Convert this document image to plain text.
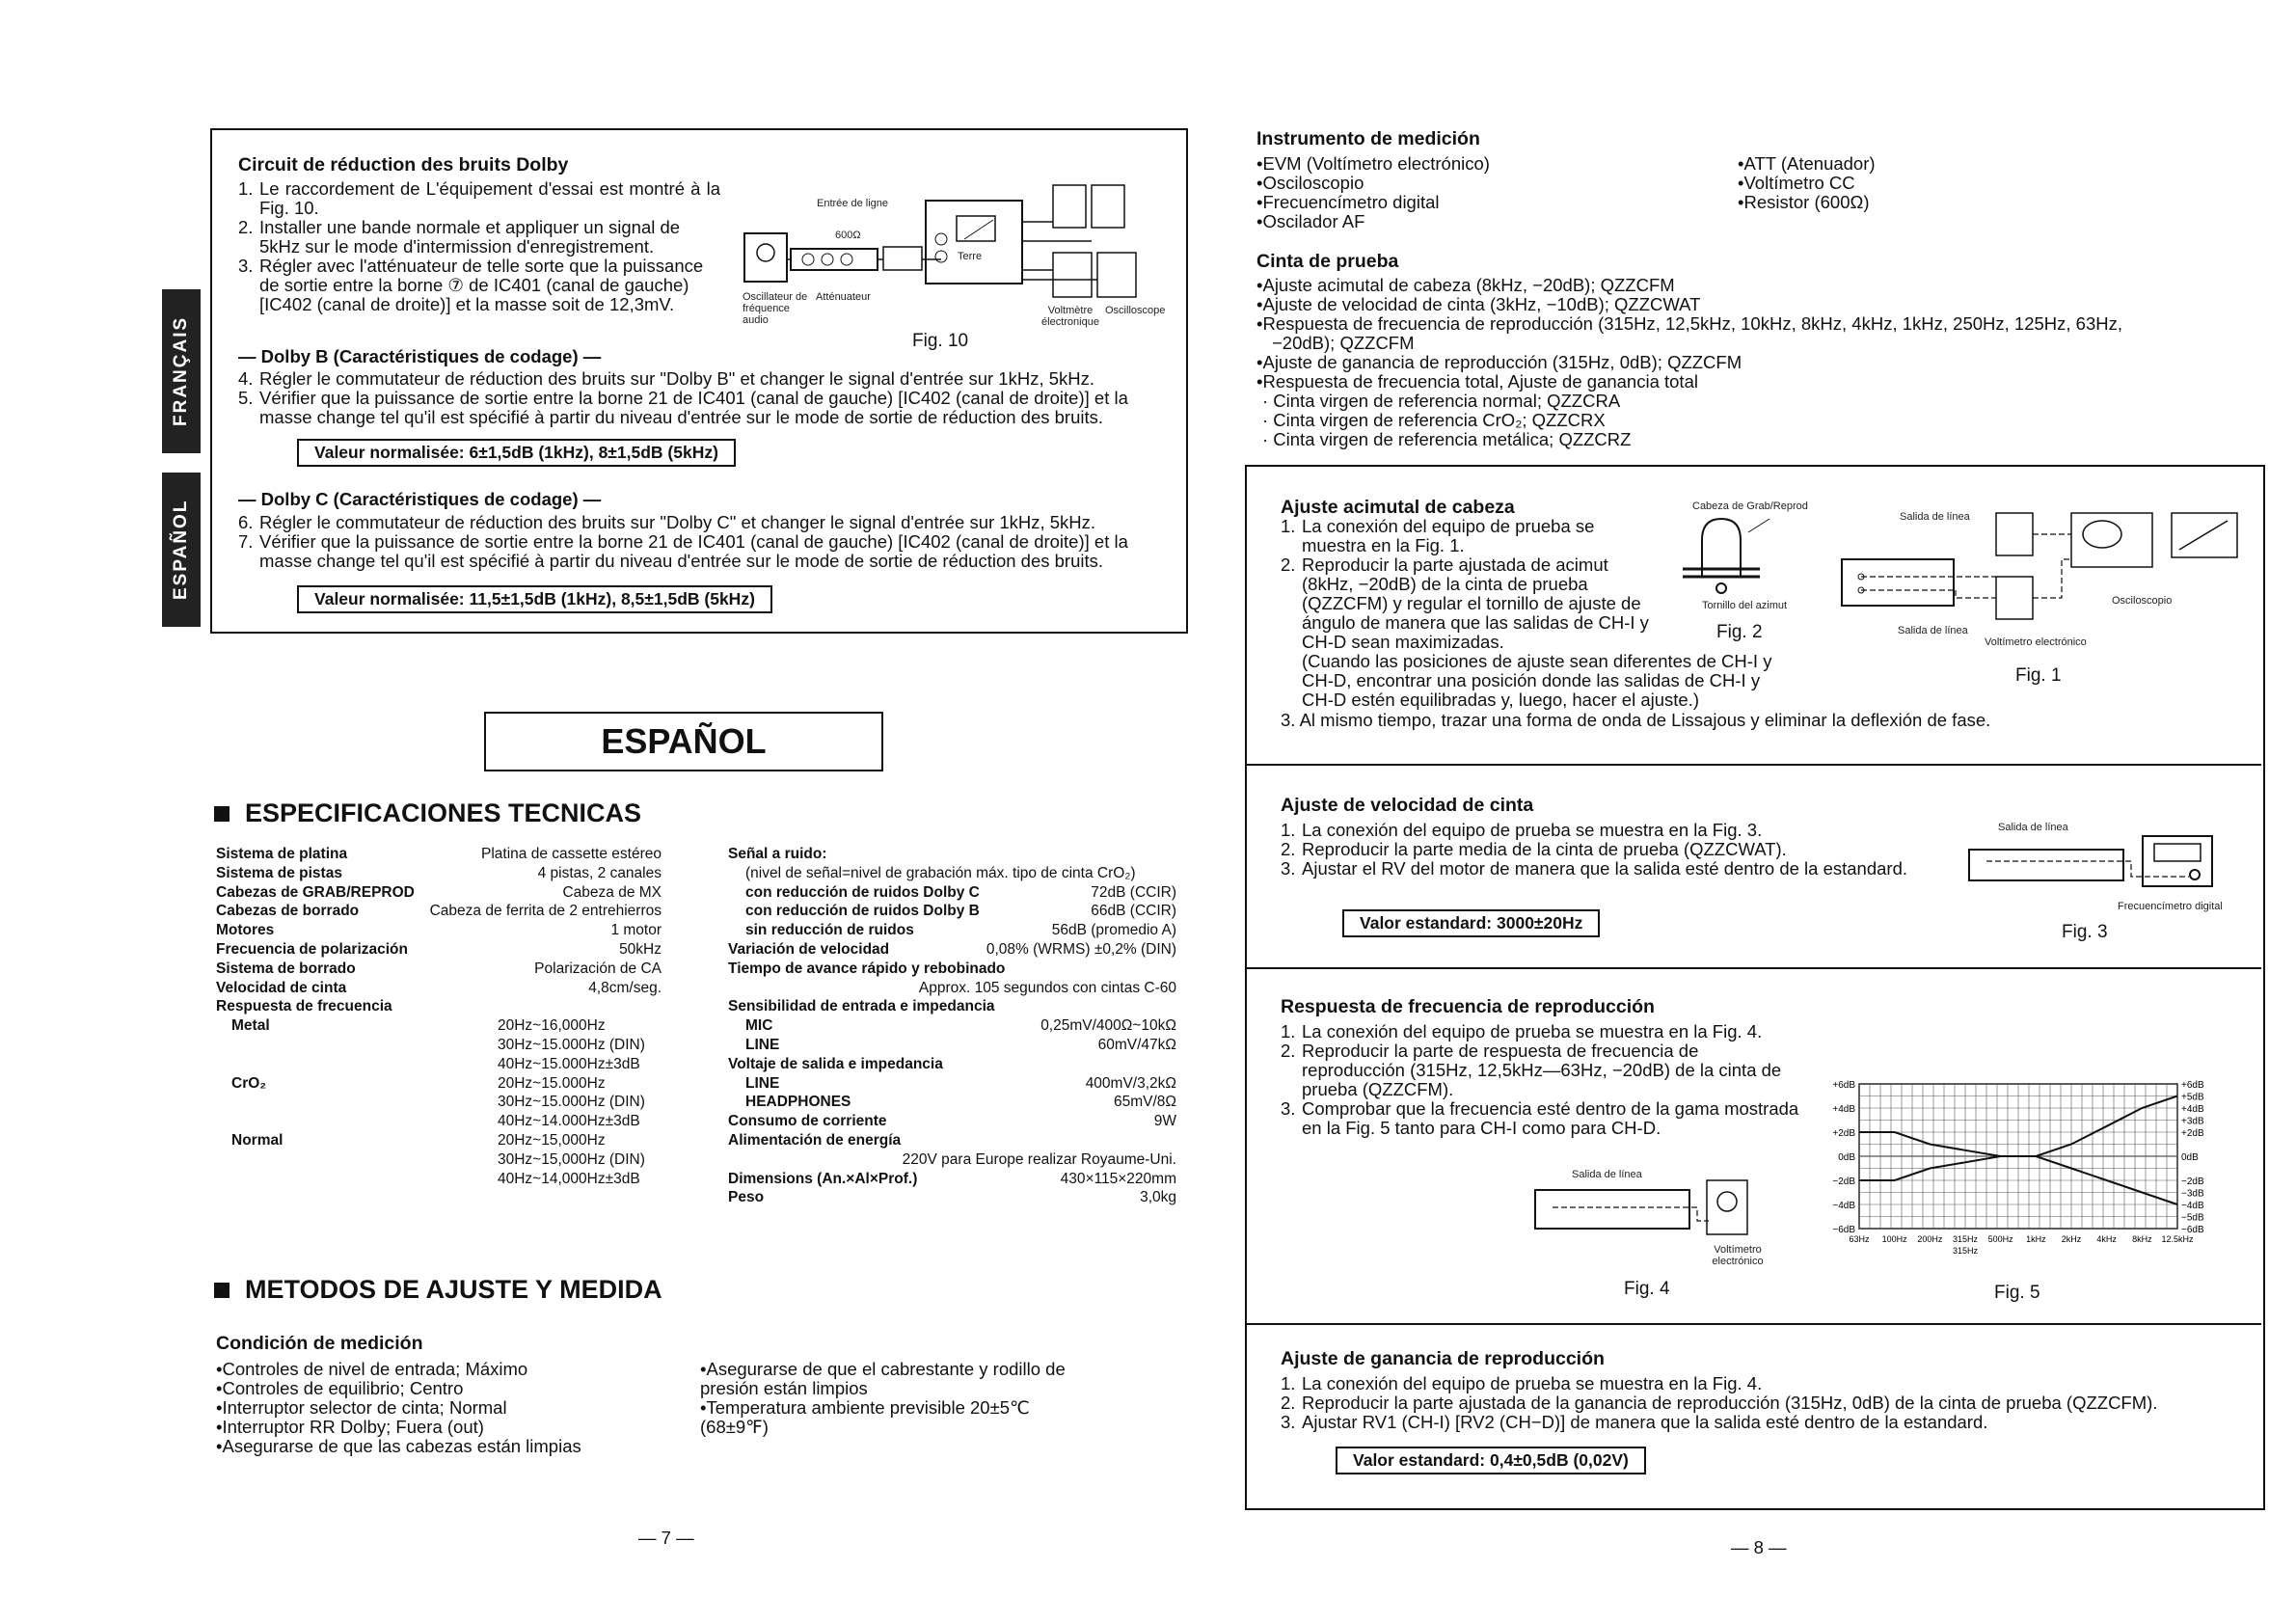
FRANÇAIS
ESPAÑOL
Circuit de réduction des bruits Dolby
1. Le raccordement de L'équipement d'essai est montré à la Fig. 10.
2. Installer une bande normale et appliquer un signal de 5kHz sur le mode d'intermission d'enregistrement.
3. Régler avec l'atténuateur de telle sorte que la puissance de sortie entre la borne ⑦ de IC401 (canal de gauche) [IC402 (canal de droite)] et la masse soit de 12,3mV.
Entrée de ligne
600Ω
Terre
Oscillateur de fréquence audio
Atténuateur
Voltmètre électronique
Oscilloscope
Fig. 10
— Dolby B (Caractéristiques de codage) —
4. Régler le commutateur de réduction des bruits sur "Dolby B" et changer le signal d'entrée sur 1kHz, 5kHz.
5. Vérifier que la puissance de sortie entre la borne 21 de IC401 (canal de gauche) [IC402 (canal de droite)] et la masse change tel qu'il est spécifié à partir du niveau d'entrée sur le mode de sortie de réduction des bruits.
Valeur normalisée: 6±1,5dB (1kHz), 8±1,5dB (5kHz)
— Dolby C (Caractéristiques de codage) —
6. Régler le commutateur de réduction des bruits sur "Dolby C" et changer le signal d'entrée sur 1kHz, 5kHz.
7. Vérifier que la puissance de sortie entre la borne 21 de IC401 (canal de gauche) [IC402 (canal de droite)] et la masse change tel qu'il est spécifié à partir du niveau d'entrée sur le mode de sortie de réduction des bruits.
Valeur normalisée: 11,5±1,5dB (1kHz), 8,5±1,5dB (5kHz)
ESPAÑOL
ESPECIFICACIONES TECNICAS
Sistema de platina	Platina de cassette estéreo
Sistema de pistas	4 pistas, 2 canales
Cabezas de GRAB/REPROD	Cabeza de MX
Cabezas de borrado	Cabeza de ferrita de 2 entrehierros
Motores	1 motor
Frecuencia de polarización	50kHz
Sistema de borrado	Polarización de CA
Velocidad de cinta	4,8cm/seg.
Respuesta de frecuencia
Metal	20Hz~16,000Hz
30Hz~15.000Hz (DIN)
40Hz~15.000Hz±3dB
CrO₂	20Hz~15.000Hz
30Hz~15.000Hz (DIN)
40Hz~14.000Hz±3dB
Normal	20Hz~15,000Hz
30Hz~15,000Hz (DIN)
40Hz~14,000Hz±3dB
Señal a ruido:
(nivel de señal=nivel de grabación máx. tipo de cinta CrO₂)
con reducción de ruidos Dolby C	72dB (CCIR)
con reducción de ruidos Dolby B	66dB (CCIR)
sin reducción de ruidos	56dB (promedio A)
Variación de velocidad	0,08% (WRMS) ±0,2% (DIN)
Tiempo de avance rápido y rebobinado
Approx. 105 segundos con cintas C-60
Sensibilidad de entrada e impedancia
MIC	0,25mV/400Ω~10kΩ
LINE	60mV/47kΩ
Voltaje de salida e impedancia
LINE	400mV/3,2kΩ
HEADPHONES	65mV/8Ω
Consumo de corriente	9W
Alimentación de energía
220V para Europe realizar Royaume-Uni.
Dimensions (An.×Al×Prof.)	430×115×220mm
Peso	3,0kg
METODOS DE AJUSTE Y MEDIDA
Condición de medición
•Controles de nivel de entrada; Máximo
•Controles de equilibrio; Centro
•Interruptor selector de cinta; Normal
•Interruptor RR Dolby; Fuera (out)
•Asegurarse de que las cabezas están limpias
•Asegurarse de que el cabrestante y rodillo de presión están limpios
•Temperatura ambiente previsible 20±5℃ (68±9℉)
— 7 —	— 8 —
Instrumento de medición
•EVM (Voltímetro electrónico)
•Osciloscopio
•Frecuencímetro digital
•Oscilador AF
•ATT (Atenuador)
•Voltímetro CC
•Resistor (600Ω)
Cinta de prueba
•Ajuste acimutal de cabeza (8kHz, −20dB); QZZCFM
•Ajuste de velocidad de cinta (3kHz, −10dB); QZZCWAT
•Respuesta de frecuencia de reproducción (315Hz, 12,5kHz, 10kHz, 8kHz, 4kHz, 1kHz, 250Hz, 125Hz, 63Hz,
−20dB); QZZCFM
•Ajuste de ganancia de reproducción (315Hz, 0dB); QZZCFM
•Respuesta de frecuencia total, Ajuste de ganancia total
· Cinta virgen de referencia normal; QZZCRA
· Cinta virgen de referencia CrO₂; QZZCRX
· Cinta virgen de referencia metálica; QZZCRZ
Ajuste acimutal de cabeza
1. La conexión del equipo de prueba se muestra en la Fig. 1.
2. Reproducir la parte ajustada de acimut (8kHz, −20dB) de la cinta de prueba (QZZCFM) y regular el tornillo de ajuste de ángulo de manera que las salidas de CH-I y CH-D sean maximizadas.
(Cuando las posiciones de ajuste sean diferentes de CH-I y CH-D, encontrar una posición donde las salidas de CH-I y CH-D estén equilibradas y, luego, hacer el ajuste.)
3. Al mismo tiempo, trazar una forma de onda de Lissajous y eliminar la deflexión de fase.
Cabeza de Grab/Reprod
Tornillo del azimut
Fig. 2
Salida de línea
Salida de línea
Osciloscopio
Voltímetro electrónico
Fig. 1
Ajuste de velocidad de cinta
1. La conexión del equipo de prueba se muestra en la Fig. 3.
2. Reproducir la parte media de la cinta de prueba (QZZCWAT).
3. Ajustar el RV del motor de manera que la salida esté dentro de la estandard.
Valor estandard: 3000±20Hz
Salida de línea
Frecuencímetro digital
Fig. 3
Respuesta de frecuencia de reproducción
1. La conexión del equipo de prueba se muestra en la Fig. 4.
2. Reproducir la parte de respuesta de frecuencia de reproducción (315Hz, 12,5kHz—63Hz, −20dB) de la cinta de prueba (QZZCFM).
3. Comprobar que la frecuencia esté dentro de la gama mostrada en la Fig. 5 tanto para CH-I como para CH-D.
Salida de línea
Voltímetro electrónico
Fig. 4
+6dB
+4dB
+2dB
0dB
−2dB
−4dB
−6dB
+6dB
+5dB
+4dB
+3dB
+2dB
0dB
−2dB
−3dB
−4dB
−5dB
−6dB
63Hz 100Hz 200Hz 315Hz 500Hz 1kHz 2kHz 4kHz 8kHz 12.5kHz
315Hz
Fig. 5
Ajuste de ganancia de reproducción
1. La conexión del equipo de prueba se muestra en la Fig. 4.
2. Reproducir la parte ajustada de la ganancia de reproducción (315Hz, 0dB) de la cinta de prueba (QZZCFM).
3. Ajustar RV1 (CH-I) [RV2 (CH−D)] de manera que la salida esté dentro de la estandard.
Valor estandard: 0,4±0,5dB (0,02V)
